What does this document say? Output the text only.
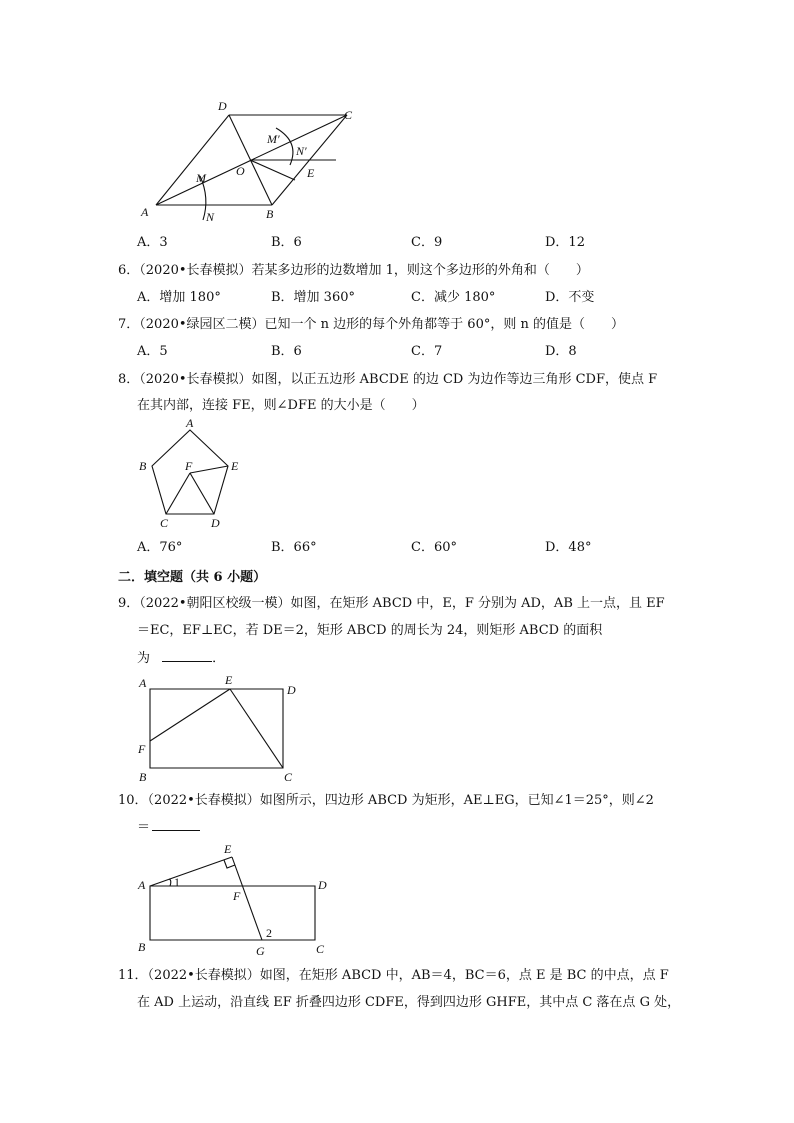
D
C
A	B
O
M
N
M′
N′
E
A．3	B．6	C．9	D．12
6．（2020•长春模拟）若某多边形的边数增加 1，则这个多边形的外角和（　　）
A．增加 180°	B．增加 360°	C．减少 180°	D．不变
7．（2020•绿园区二模）已知一个 n 边形的每个外角都等于 60°，则 n 的值是（　　）
A．5	B．6	C．7	D．8
8．（2020•长春模拟）如图，以正五边形 ABCDE 的边 CD 为边作等边三角形 CDF，使点 F
在其内部，连接 FE，则∠DFE 的大小是（　　）
A
B	E
F
C	D
A．76°	B．66°	C．60°	D．48°
二．填空题（共 6 小题）
9．（2022•朝阳区校级一模）如图，在矩形 ABCD 中，E，F 分别为 AD，AB 上一点，且 EF
＝EC，EF⊥EC，若 DE＝2，矩形 ABCD 的周长为 24，则矩形 ABCD 的面积
为	．
A	E
D
F
B	C
10．（2022•长春模拟）如图所示，四边形 ABCD 为矩形，AE⊥EG，已知∠1＝25°，则∠2
＝
E
A 1	D
F
2
B	G	C
11．（2022•长春模拟）如图，在矩形 ABCD 中，AB＝4，BC＝6，点 E 是 BC 的中点，点 F
在 AD 上运动，沿直线 EF 折叠四边形 CDFE，得到四边形 GHFE，其中点 C 落在点 G 处，
